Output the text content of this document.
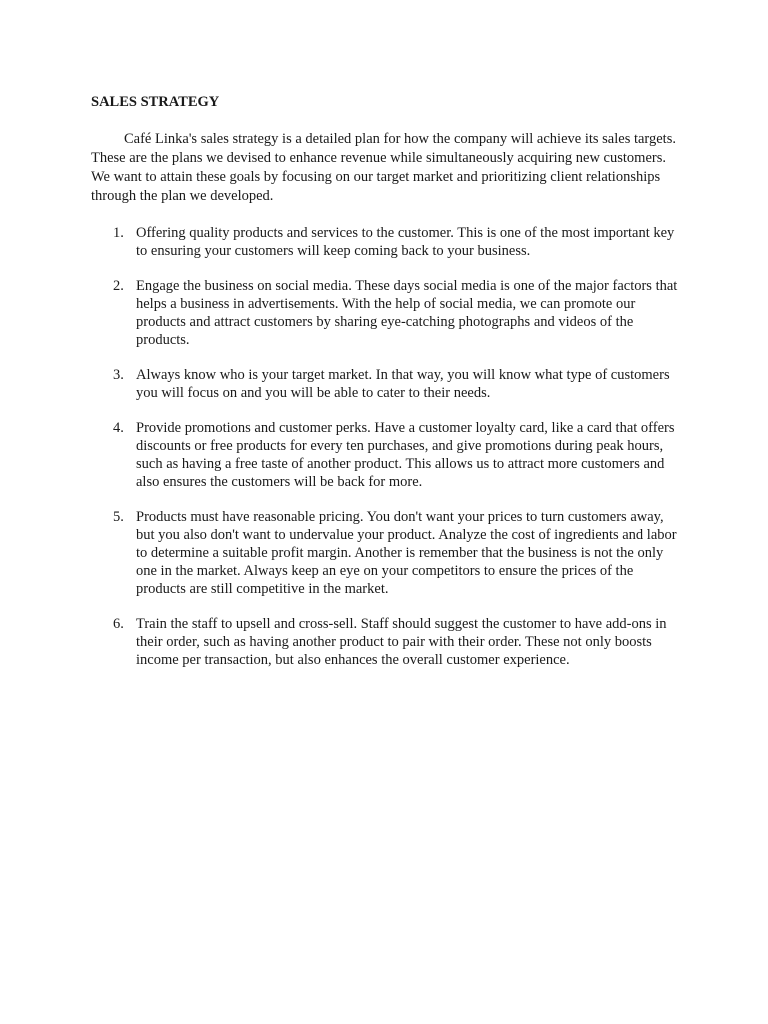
SALES STRATEGY

Café Linka's sales strategy is a detailed plan for how the company will achieve its sales targets. These are the plans we devised to enhance revenue while simultaneously acquiring new customers. We want to attain these goals by focusing on our target market and prioritizing client relationships through the plan we developed.

1. Offering quality products and services to the customer. This is one of the most important key to ensuring your customers will keep coming back to your business.
2. Engage the business on social media. These days social media is one of the major factors that helps a business in advertisements. With the help of social media, we can promote our products and attract customers by sharing eye-catching photographs and videos of the products.
3. Always know who is your target market. In that way, you will know what type of customers you will focus on and you will be able to cater to their needs.
4. Provide promotions and customer perks. Have a customer loyalty card, like a card that offers discounts or free products for every ten purchases, and give promotions during peak hours, such as having a free taste of another product. This allows us to attract more customers and also ensures the customers will be back for more.
5. Products must have reasonable pricing. You don't want your prices to turn customers away, but you also don't want to undervalue your product. Analyze the cost of ingredients and labor to determine a suitable profit margin. Another is remember that the business is not the only one in the market. Always keep an eye on your competitors to ensure the prices of the products are still competitive in the market.
6. Train the staff to upsell and cross-sell. Staff should suggest the customer to have add-ons in their order, such as having another product to pair with their order. These not only boosts income per transaction, but also enhances the overall customer experience.
